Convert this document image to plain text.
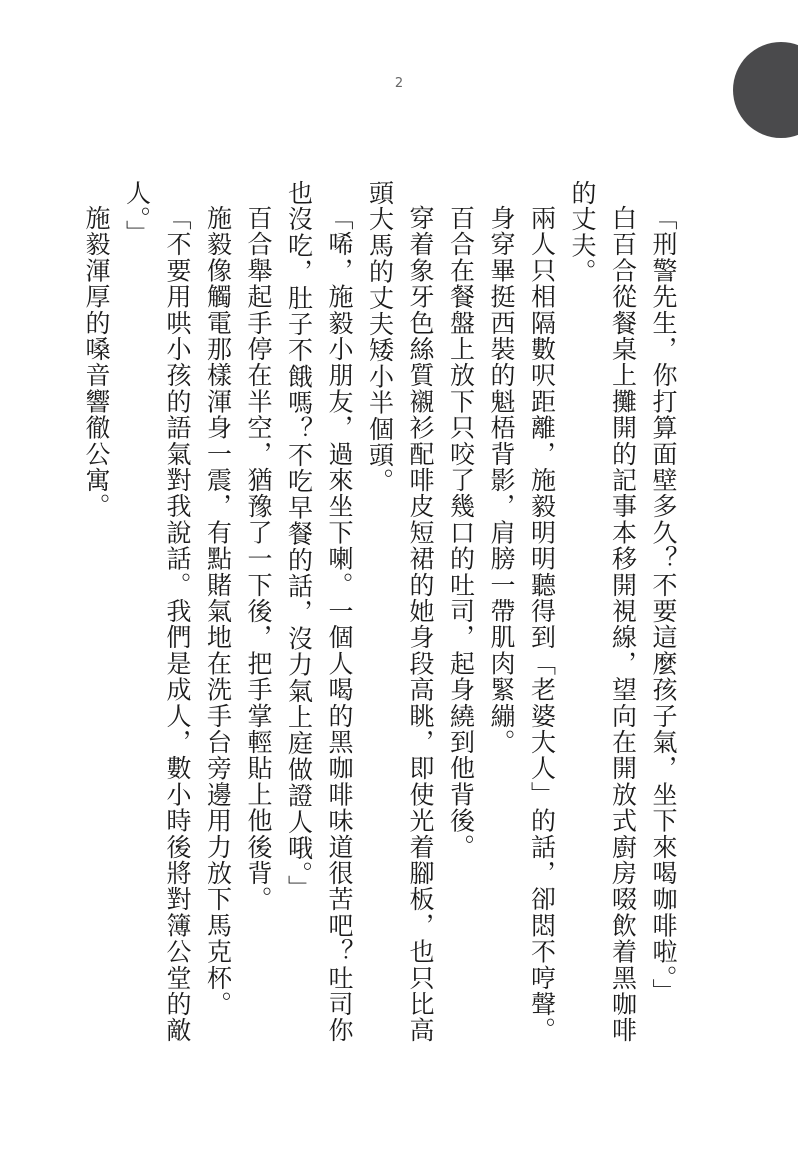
2

「刑警先生，你打算面壁多久？不要這麼孩子氣，坐下來喝咖啡啦。」

白百合從餐桌上攤開的記事本移開視線，望向在開放式廚房啜飲着黑咖啡的丈夫。

兩人只相隔數呎距離，施毅明明聽得到「老婆大人」的話，卻悶不哼聲。

身穿畢挺西裝的魁梧背影，肩膀一帶肌肉緊繃。

百合在餐盤上放下只咬了幾口的吐司，起身繞到他背後。

穿着象牙色絲質襯衫配啡皮短裙的她身段高眺，即使光着腳板，也只比高頭大馬的丈夫矮小半個頭。

「唏，施毅小朋友，過來坐下喇。一個人喝的黑咖啡味道很苦吧？吐司你也沒吃，肚子不餓嗎？不吃早餐的話，沒力氣上庭做證人哦。」

百合舉起手停在半空，猶豫了一下後，把手掌輕貼上他後背。

施毅像觸電那樣渾身一震，有點賭氣地在洗手台旁邊用力放下馬克杯。

「不要用哄小孩的語氣對我說話。我們是成人，數小時後將對簿公堂的敵人。」

施毅渾厚的嗓音響徹公寓。
